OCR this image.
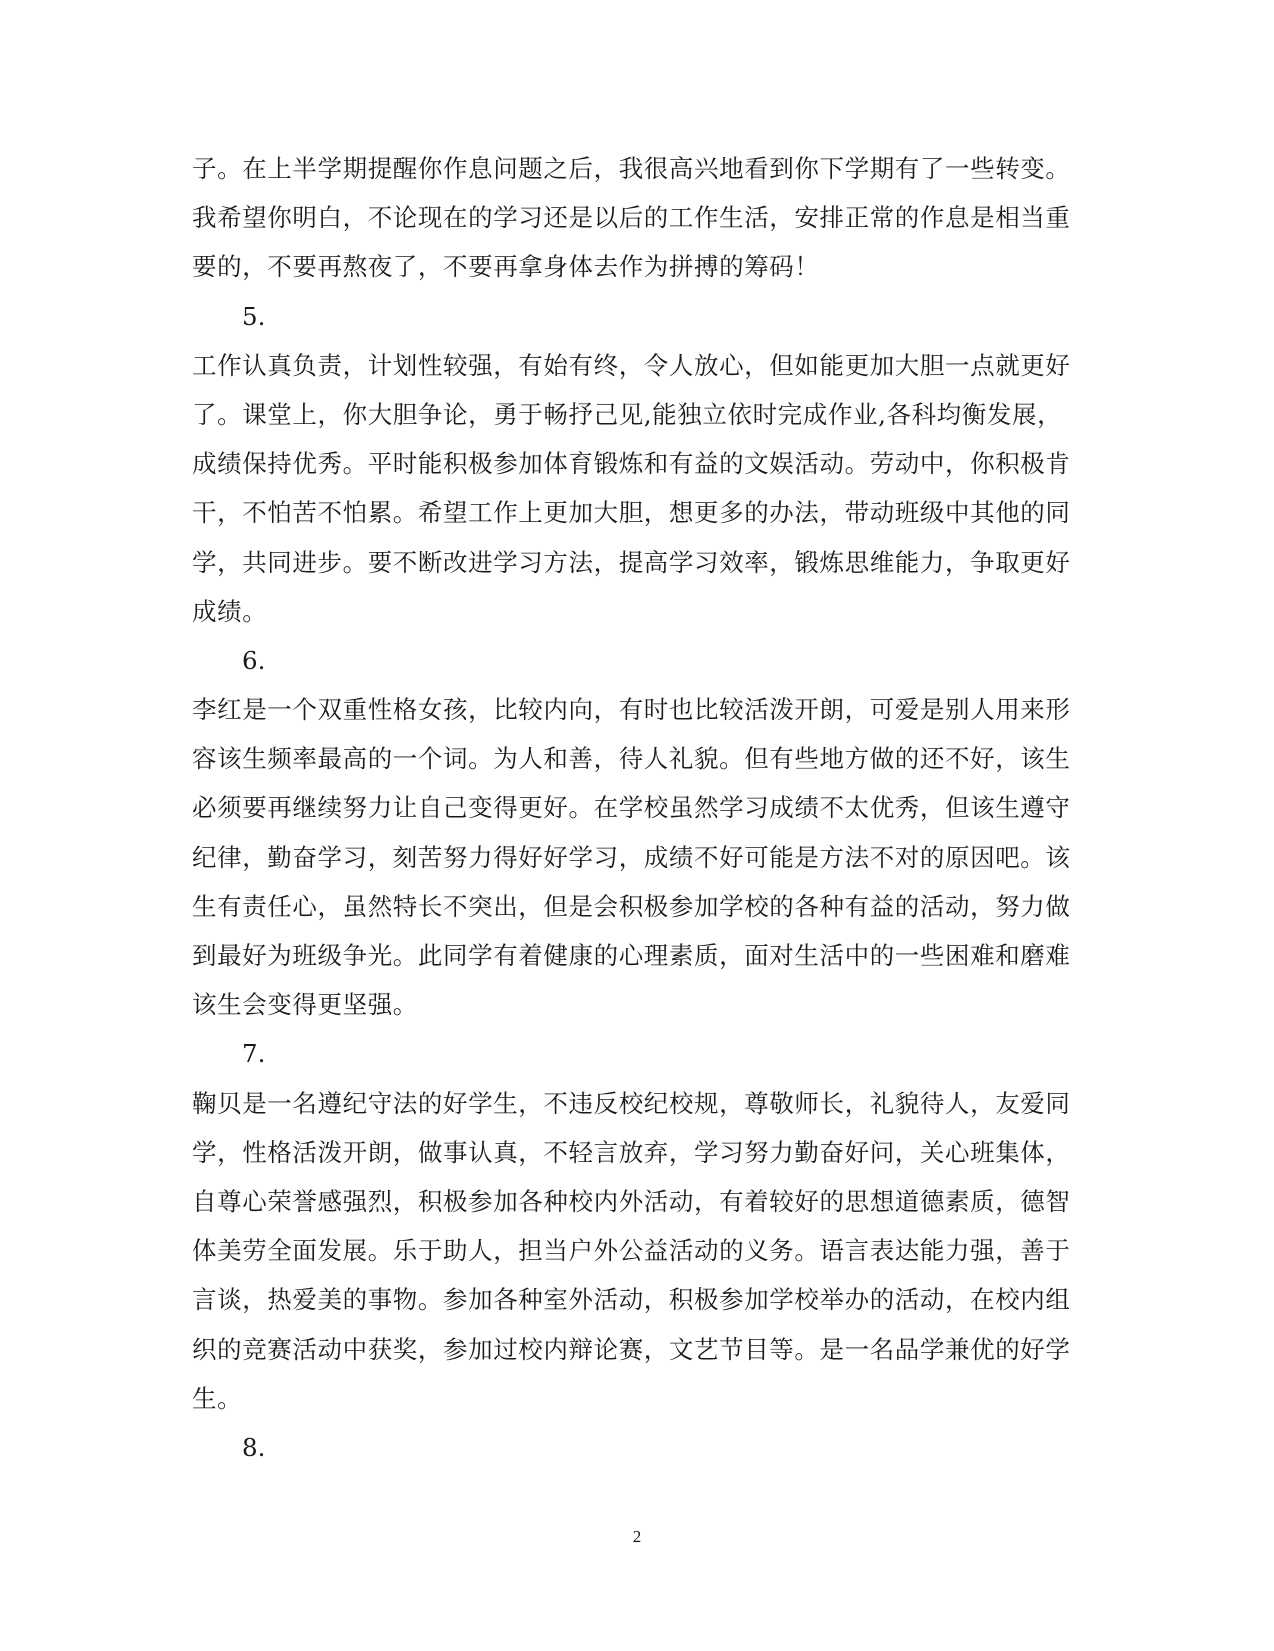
子。在上半学期提醒你作息问题之后，我很高兴地看到你下学期有了一些转变。
我希望你明白，不论现在的学习还是以后的工作生活，安排正常的作息是相当重
要的，不要再熬夜了，不要再拿身体去作为拼搏的筹码！
5.
工作认真负责，计划性较强，有始有终，令人放心，但如能更加大胆一点就更好
了。课堂上，你大胆争论，勇于畅抒己见,能独立依时完成作业,各科均衡发展，
成绩保持优秀。平时能积极参加体育锻炼和有益的文娱活动。劳动中，你积极肯
干，不怕苦不怕累。希望工作上更加大胆，想更多的办法，带动班级中其他的同
学，共同进步。要不断改进学习方法，提高学习效率，锻炼思维能力，争取更好
成绩。
6.
李红是一个双重性格女孩，比较内向，有时也比较活泼开朗，可爱是别人用来形
容该生频率最高的一个词。为人和善，待人礼貌。但有些地方做的还不好，该生
必须要再继续努力让自己变得更好。在学校虽然学习成绩不太优秀，但该生遵守
纪律，勤奋学习，刻苦努力得好好学习，成绩不好可能是方法不对的原因吧。该
生有责任心，虽然特长不突出，但是会积极参加学校的各种有益的活动，努力做
到最好为班级争光。此同学有着健康的心理素质，面对生活中的一些困难和磨难
该生会变得更坚强。
7.
鞠贝是一名遵纪守法的好学生，不违反校纪校规，尊敬师长，礼貌待人，友爱同
学，性格活泼开朗，做事认真，不轻言放弃，学习努力勤奋好问，关心班集体，
自尊心荣誉感强烈，积极参加各种校内外活动，有着较好的思想道德素质，德智
体美劳全面发展。乐于助人，担当户外公益活动的义务。语言表达能力强，善于
言谈，热爱美的事物。参加各种室外活动，积极参加学校举办的活动，在校内组
织的竞赛活动中获奖，参加过校内辩论赛，文艺节目等。是一名品学兼优的好学
生。
8.
2
